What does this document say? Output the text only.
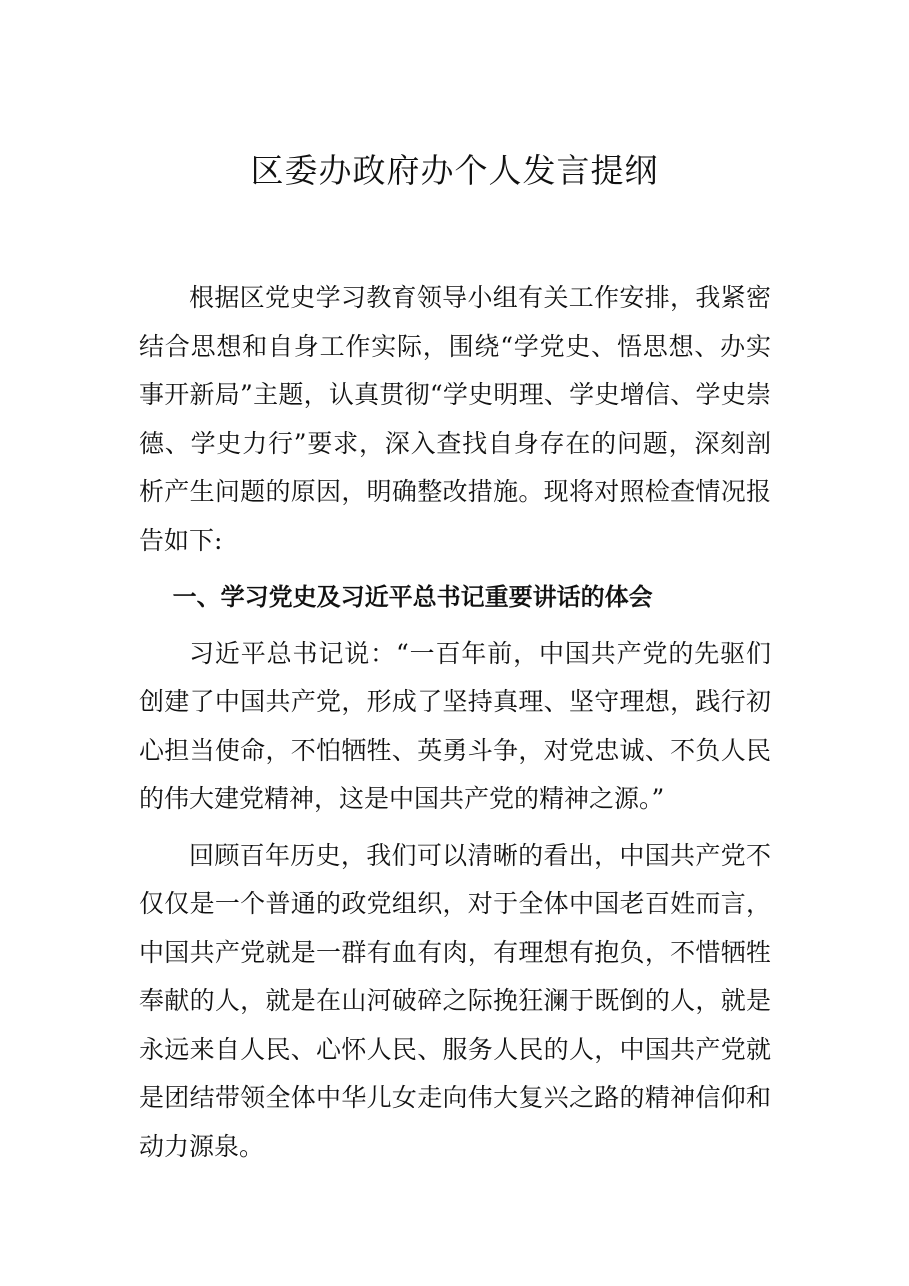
区委办政府办个人发言提纲

根据区党史学习教育领导小组有关工作安排，我紧密结合思想和自身工作实际，围绕“学党史、悟思想、办实事开新局”主题，认真贯彻“学史明理、学史增信、学史崇德、学史力行”要求，深入查找自身存在的问题，深刻剖析产生问题的原因，明确整改措施。现将对照检查情况报告如下:

一、学习党史及习近平总书记重要讲话的体会

习近平总书记说：“一百年前，中国共产党的先驱们创建了中国共产党，形成了坚持真理、坚守理想，践行初心担当使命，不怕牺牲、英勇斗争，对党忠诚、不负人民的伟大建党精神，这是中国共产党的精神之源。”

回顾百年历史，我们可以清晰的看出，中国共产党不仅仅是一个普通的政党组织，对于全体中国老百姓而言，中国共产党就是一群有血有肉，有理想有抱负，不惜牺牲奉献的人，就是在山河破碎之际挽狂澜于既倒的人，就是永远来自人民、心怀人民、服务人民的人，中国共产党就是团结带领全体中华儿女走向伟大复兴之路的精神信仰和动力源泉。
